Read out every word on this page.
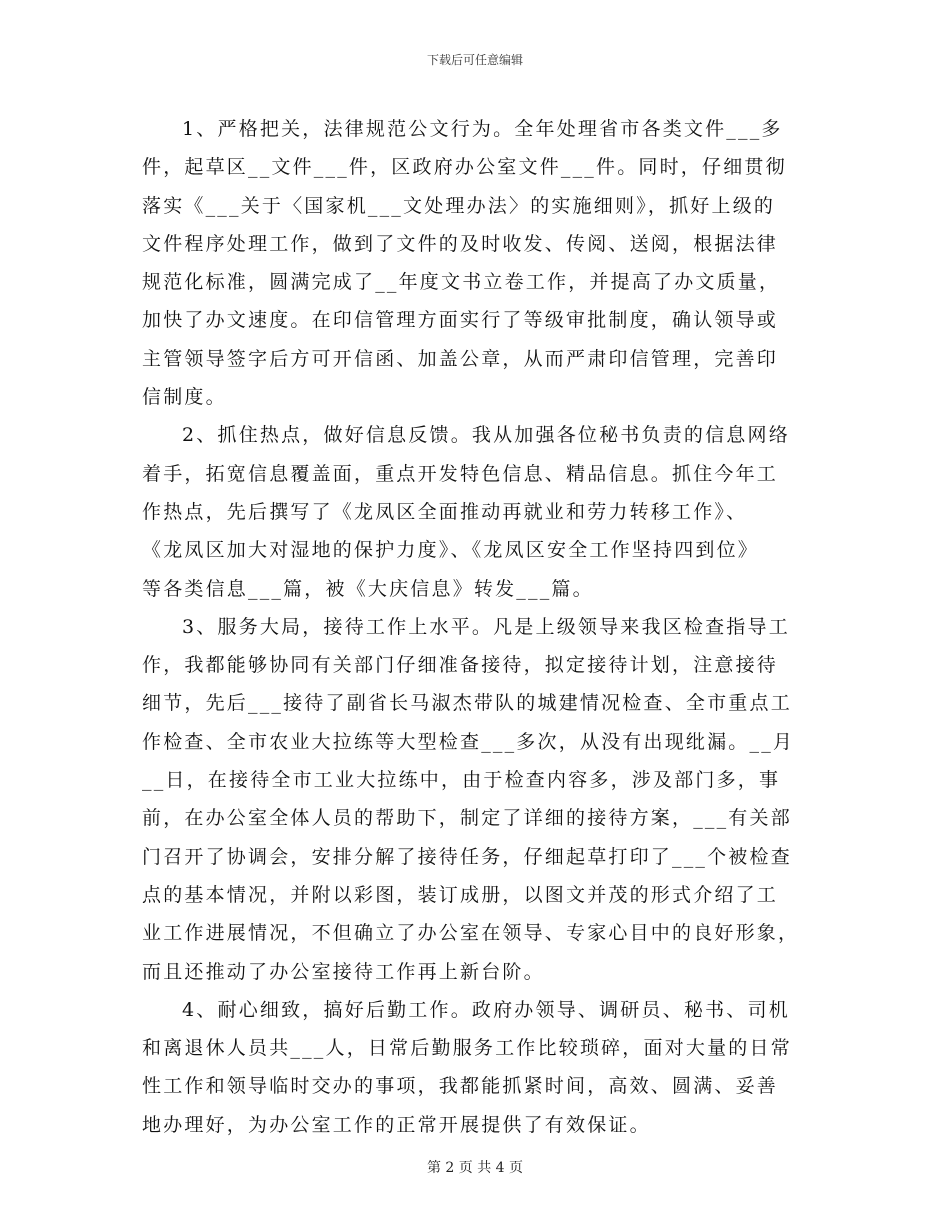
下载后可任意编辑
1、严格把关，法律规范公文行为。全年处理省市各类文件___多
件，起草区__文件___件，区政府办公室文件___件。同时，仔细贯彻
落实《___关于〈国家机___文处理办法〉的实施细则》，抓好上级的
文件程序处理工作，做到了文件的及时收发、传阅、送阅，根据法律
规范化标准，圆满完成了__年度文书立卷工作，并提高了办文质量，
加快了办文速度。在印信管理方面实行了等级审批制度，确认领导或
主管领导签字后方可开信函、加盖公章，从而严肃印信管理，完善印
信制度。
2、抓住热点，做好信息反馈。我从加强各位秘书负责的信息网络
着手，拓宽信息覆盖面，重点开发特色信息、精品信息。抓住今年工
作热点，先后撰写了《龙凤区全面推动再就业和劳力转移工作》、
《龙凤区加大对湿地的保护力度》、《龙凤区安全工作坚持四到位》
等各类信息___篇，被《大庆信息》转发___篇。
3、服务大局，接待工作上水平。凡是上级领导来我区检查指导工
作，我都能够协同有关部门仔细准备接待，拟定接待计划，注意接待
细节，先后___接待了副省长马淑杰带队的城建情况检查、全市重点工
作检查、全市农业大拉练等大型检查___多次，从没有出现纰漏。__月
__日，在接待全市工业大拉练中，由于检查内容多，涉及部门多，事
前，在办公室全体人员的帮助下，制定了详细的接待方案，___有关部
门召开了协调会，安排分解了接待任务，仔细起草打印了___个被检查
点的基本情况，并附以彩图，装订成册，以图文并茂的形式介绍了工
业工作进展情况，不但确立了办公室在领导、专家心目中的良好形象，
而且还推动了办公室接待工作再上新台阶。
4、耐心细致，搞好后勤工作。政府办领导、调研员、秘书、司机
和离退休人员共___人，日常后勤服务工作比较琐碎，面对大量的日常
性工作和领导临时交办的事项，我都能抓紧时间，高效、圆满、妥善
地办理好，为办公室工作的正常开展提供了有效保证。
第 2 页 共 4 页
